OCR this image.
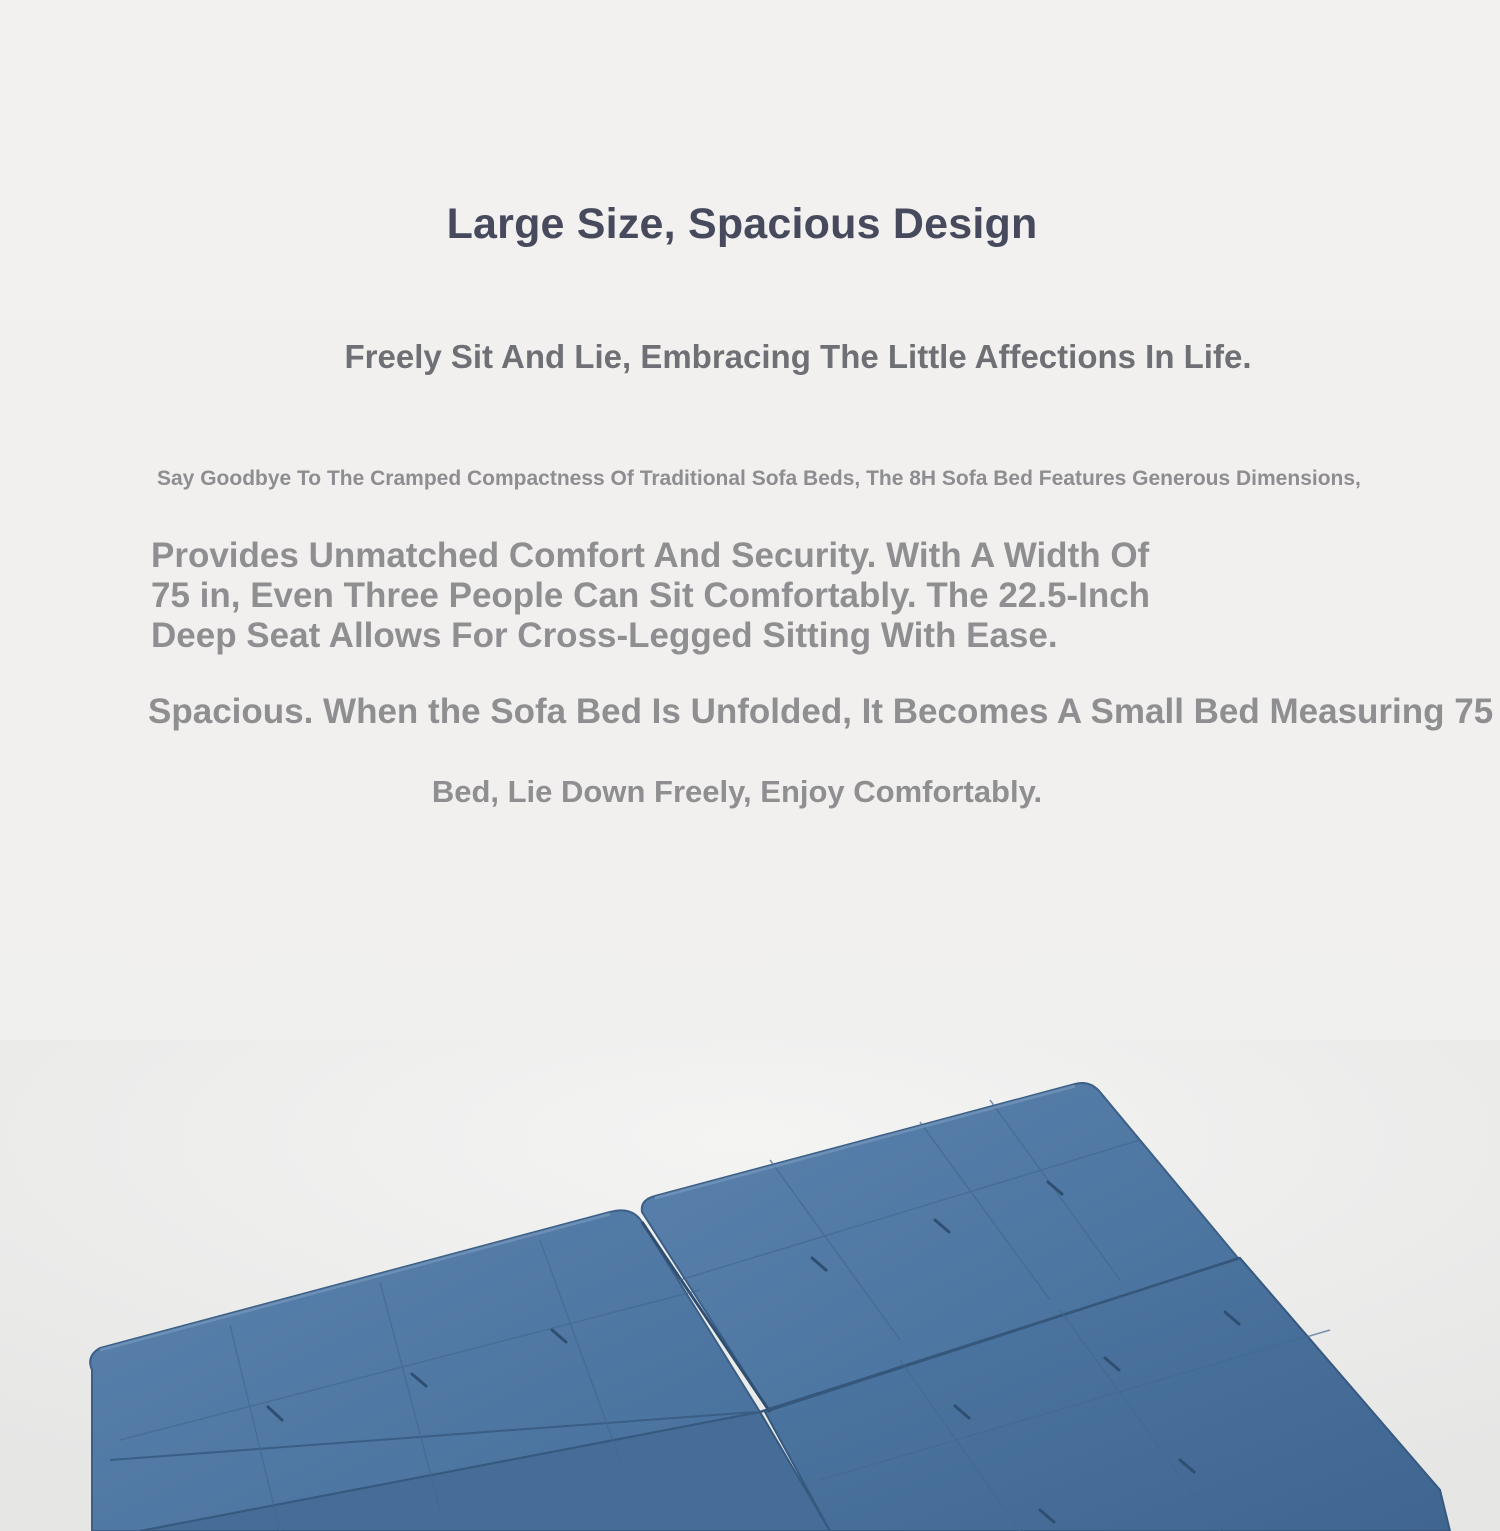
Large Size, Spacious Design
Freely Sit And Lie, Embracing The Little Affections In Life.
Say Goodbye To The Cramped Compactness Of Traditional Sofa Beds, The 8H Sofa Bed Features Generous Dimensions,
Provides Unmatched Comfort And Security. With A Width Of
75 in, Even Three People Can Sit Comfortably. The 22.5-Inch
Deep Seat Allows For Cross-Legged Sitting With Ease.
Spacious. When the Sofa Bed Is Unfolded, It Becomes A Small Bed Measuring 75
Bed, Lie Down Freely, Enjoy Comfortably.
